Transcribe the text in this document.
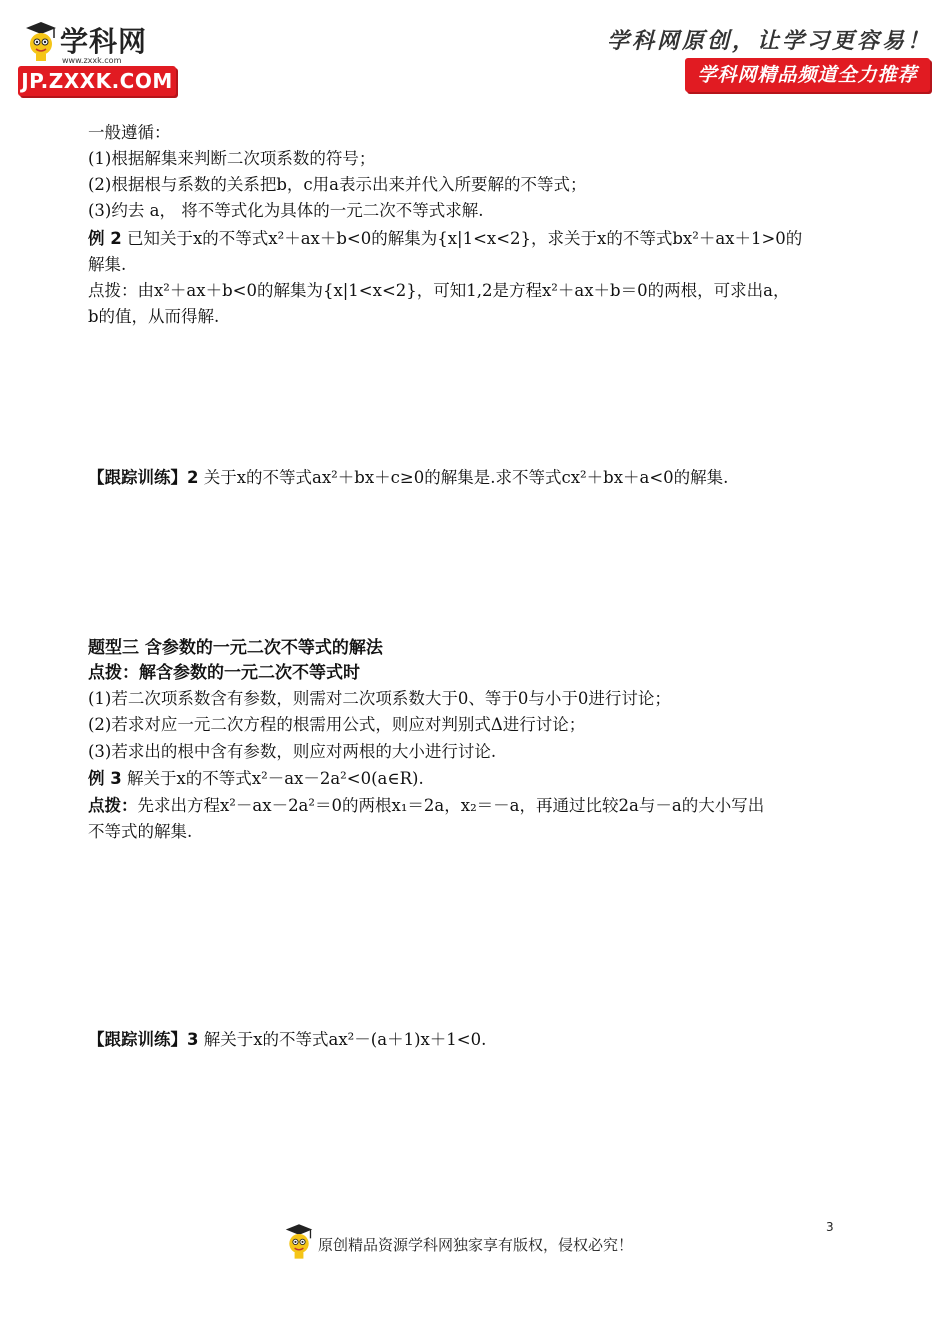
学科网
www.zxxk.com
JP.ZXXK.COM
学科网原创，让学习更容易！
学科网精品频道全力推荐
一般遵循：
(1)根据解集来判断二次项系数的符号；
(2)根据根与系数的关系把b，c用a表示出来并代入所要解的不等式；
(3)约去 a， 将不等式化为具体的一元二次不等式求解.
例 2 已知关于x的不等式x²＋ax＋b<0的解集为{x|1<x<2}，求关于x的不等式bx²＋ax＋1>0的
解集.
点拨：由x²＋ax＋b<0的解集为{x|1<x<2}，可知1,2是方程x²＋ax＋b＝0的两根，可求出a，
b的值，从而得解.
【跟踪训练】2 关于x的不等式ax²＋bx＋c≥0的解集是.求不等式cx²＋bx＋a<0的解集.
题型三 含参数的一元二次不等式的解法
点拨：解含参数的一元二次不等式时
(1)若二次项系数含有参数，则需对二次项系数大于0、等于0与小于0进行讨论；
(2)若求对应一元二次方程的根需用公式，则应对判别式Δ进行讨论；
(3)若求出的根中含有参数，则应对两根的大小进行讨论.
例 3 解关于x的不等式x²－ax－2a²<0(a∈R).
点拨：先求出方程x²－ax－2a²＝0的两根x₁＝2a，x₂＝－a，再通过比较2a与－a的大小写出
不等式的解集.
【跟踪训练】3 解关于x的不等式ax²－(a＋1)x＋1<0.
原创精品资源学科网独家享有版权，侵权必究！
3
